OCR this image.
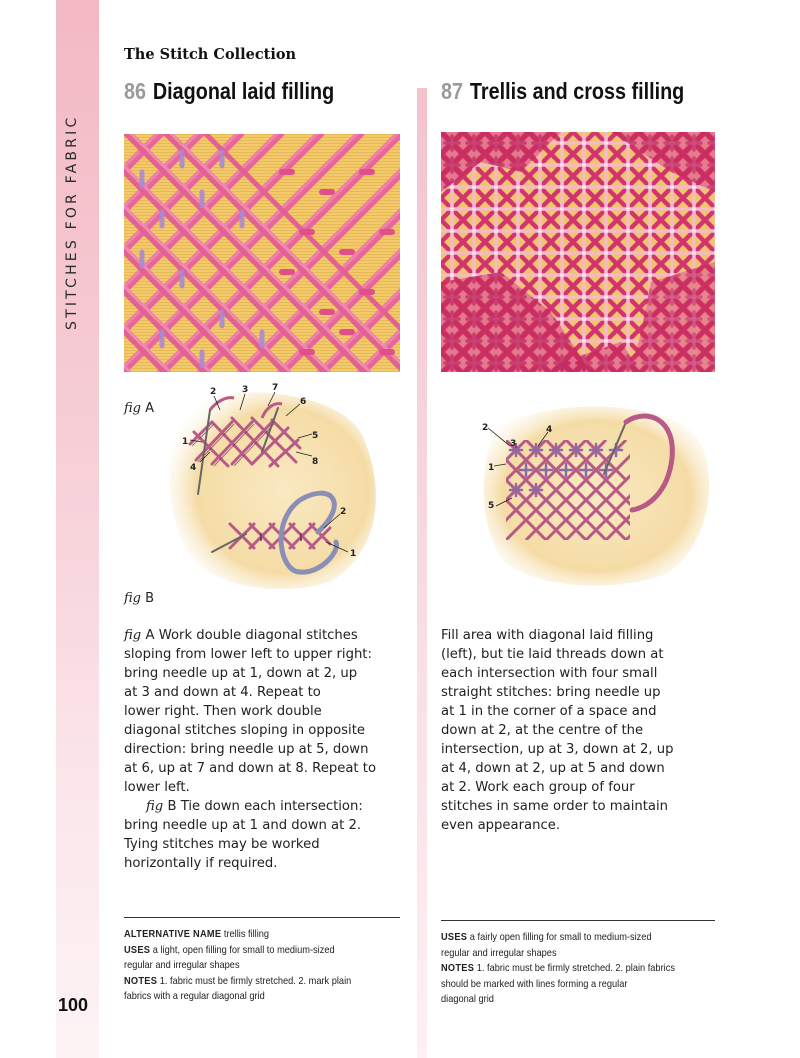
STITCHES FOR FABRIC
100
The Stitch Collection
86 Diagonal laid filling
fig A
2	3	7
6
5
8
1
4
2
1
fig B

fig A Work double diagonal stitches
sloping from lower left to upper right:
bring needle up at 1, down at 2, up
at 3 and down at 4. Repeat to
lower right. Then work double
diagonal stitches sloping in opposite
direction: bring needle up at 5, down
at 6, up at 7 and down at 8. Repeat to
lower left.

fig B Tie down each intersection:
bring needle up at 1 and down at 2.
Tying stitches may be worked
horizontally if required.

ALTERNATIVE NAME trellis filling
USES a light, open filling for small to medium-sized
regular and irregular shapes
NOTES 1. fabric must be firmly stretched. 2. mark plain
fabrics with a regular diagonal grid
87 Trellis and cross filling
2
3
4
1
5

Fill area with diagonal laid filling
(left), but tie laid threads down at
each intersection with four small
straight stitches: bring needle up
at 1 in the corner of a space and
down at 2, at the centre of the
intersection, up at 3, down at 2, up
at 4, down at 2, up at 5 and down
at 2. Work each group of four
stitches in same order to maintain
even appearance.

USES a fairly open filling for small to medium-sized
regular and irregular shapes
NOTES 1. fabric must be firmly stretched. 2. plain fabrics
should be marked with lines forming a regular
diagonal grid
